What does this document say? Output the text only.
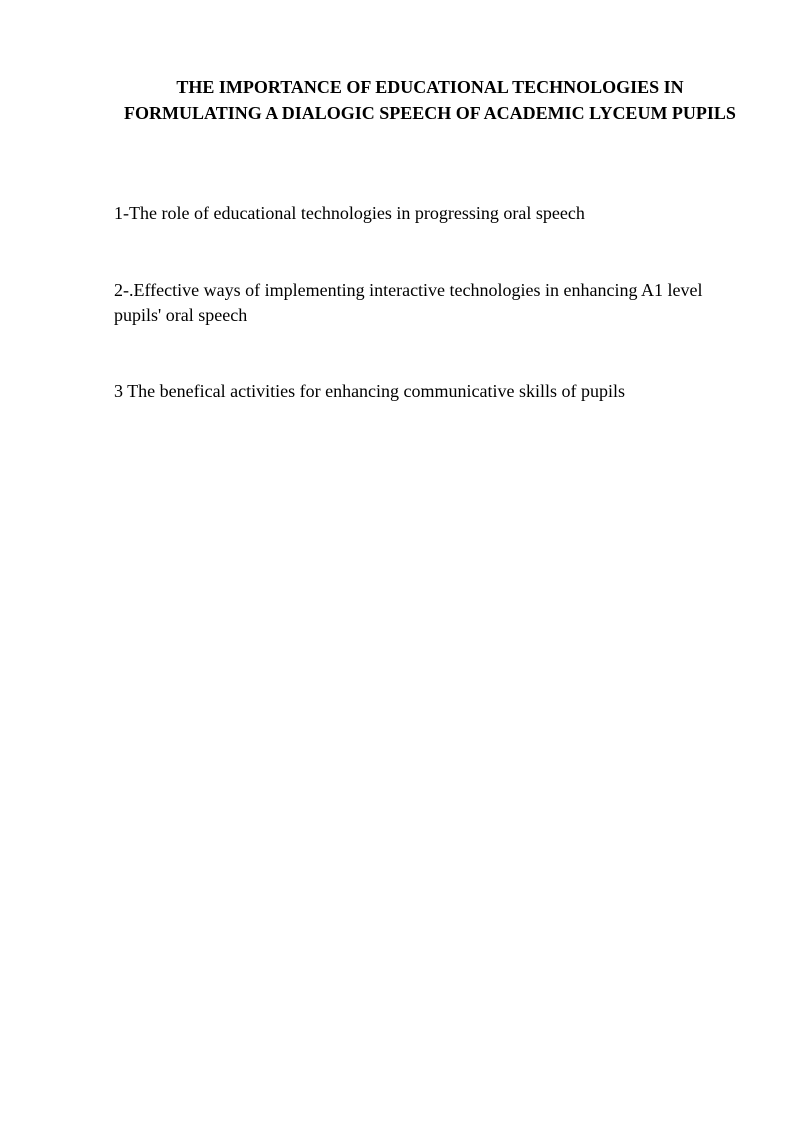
THE IMPORTANCE OF EDUCATIONAL TECHNOLOGIES IN FORMULATING A DIALOGIC SPEECH OF ACADEMIC LYCEUM PUPILS

1-The role of educational technologies in progressing oral speech

2-.Effective ways of implementing interactive technologies in enhancing A1 level pupils' oral speech

3 The benefical activities for enhancing communicative skills of pupils
